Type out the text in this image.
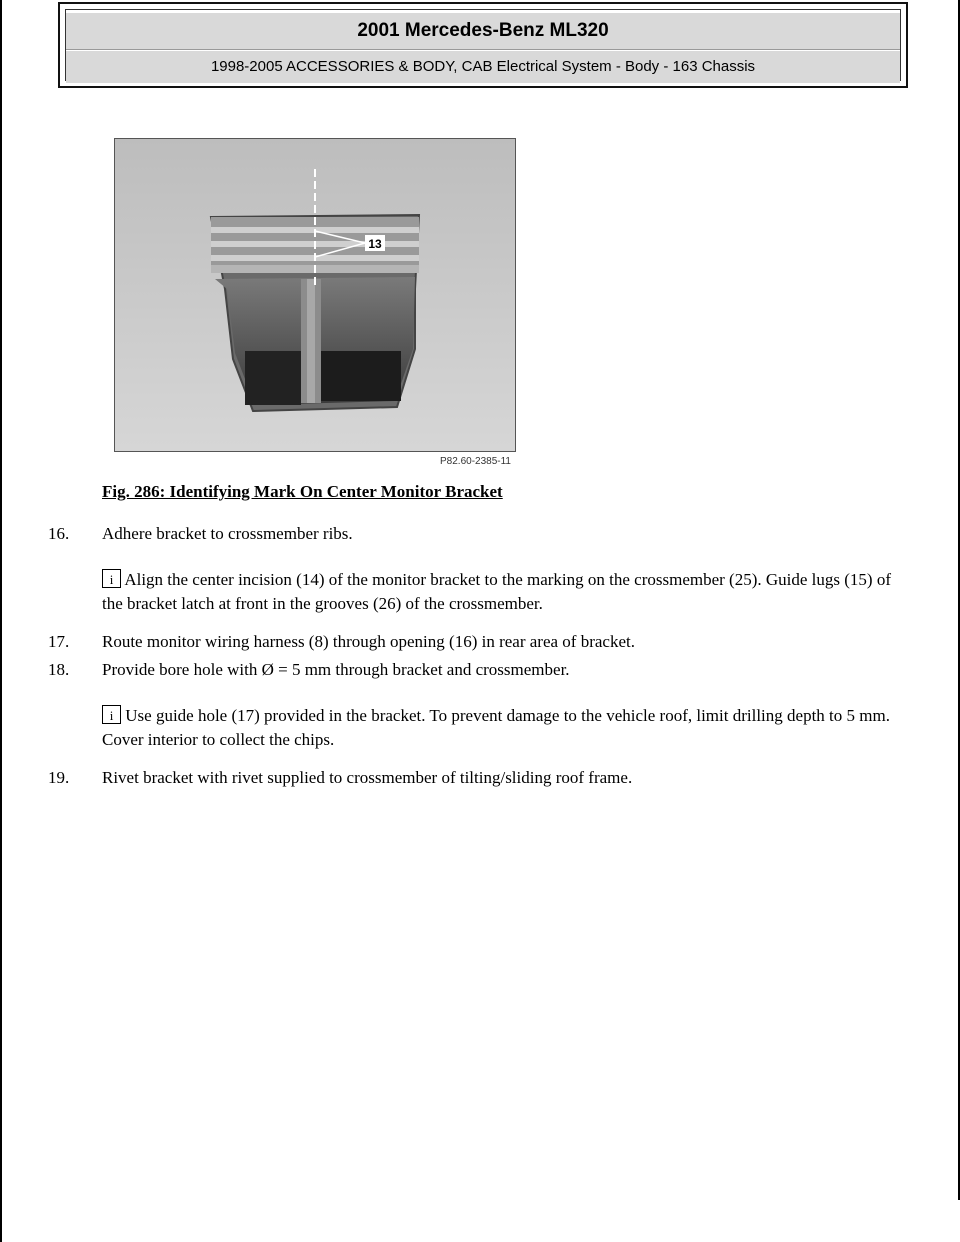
2001 Mercedes-Benz ML320
1998-2005 ACCESSORIES & BODY, CAB Electrical System - Body - 163 Chassis
13
P82.60-2385-11
Fig. 286: Identifying Mark On Center Monitor Bracket
16.	Adhere bracket to crossmember ribs.
i Align the center incision (14) of the monitor bracket to the marking on the crossmember (25). Guide lugs (15) of the bracket latch at front in the grooves (26) of the crossmember.
17.	Route monitor wiring harness (8) through opening (16) in rear area of bracket.
18.	Provide bore hole with Ø = 5 mm through bracket and crossmember.
i Use guide hole (17) provided in the bracket. To prevent damage to the vehicle roof, limit drilling depth to 5 mm. Cover interior to collect the chips.
19.	Rivet bracket with rivet supplied to crossmember of tilting/sliding roof frame.
